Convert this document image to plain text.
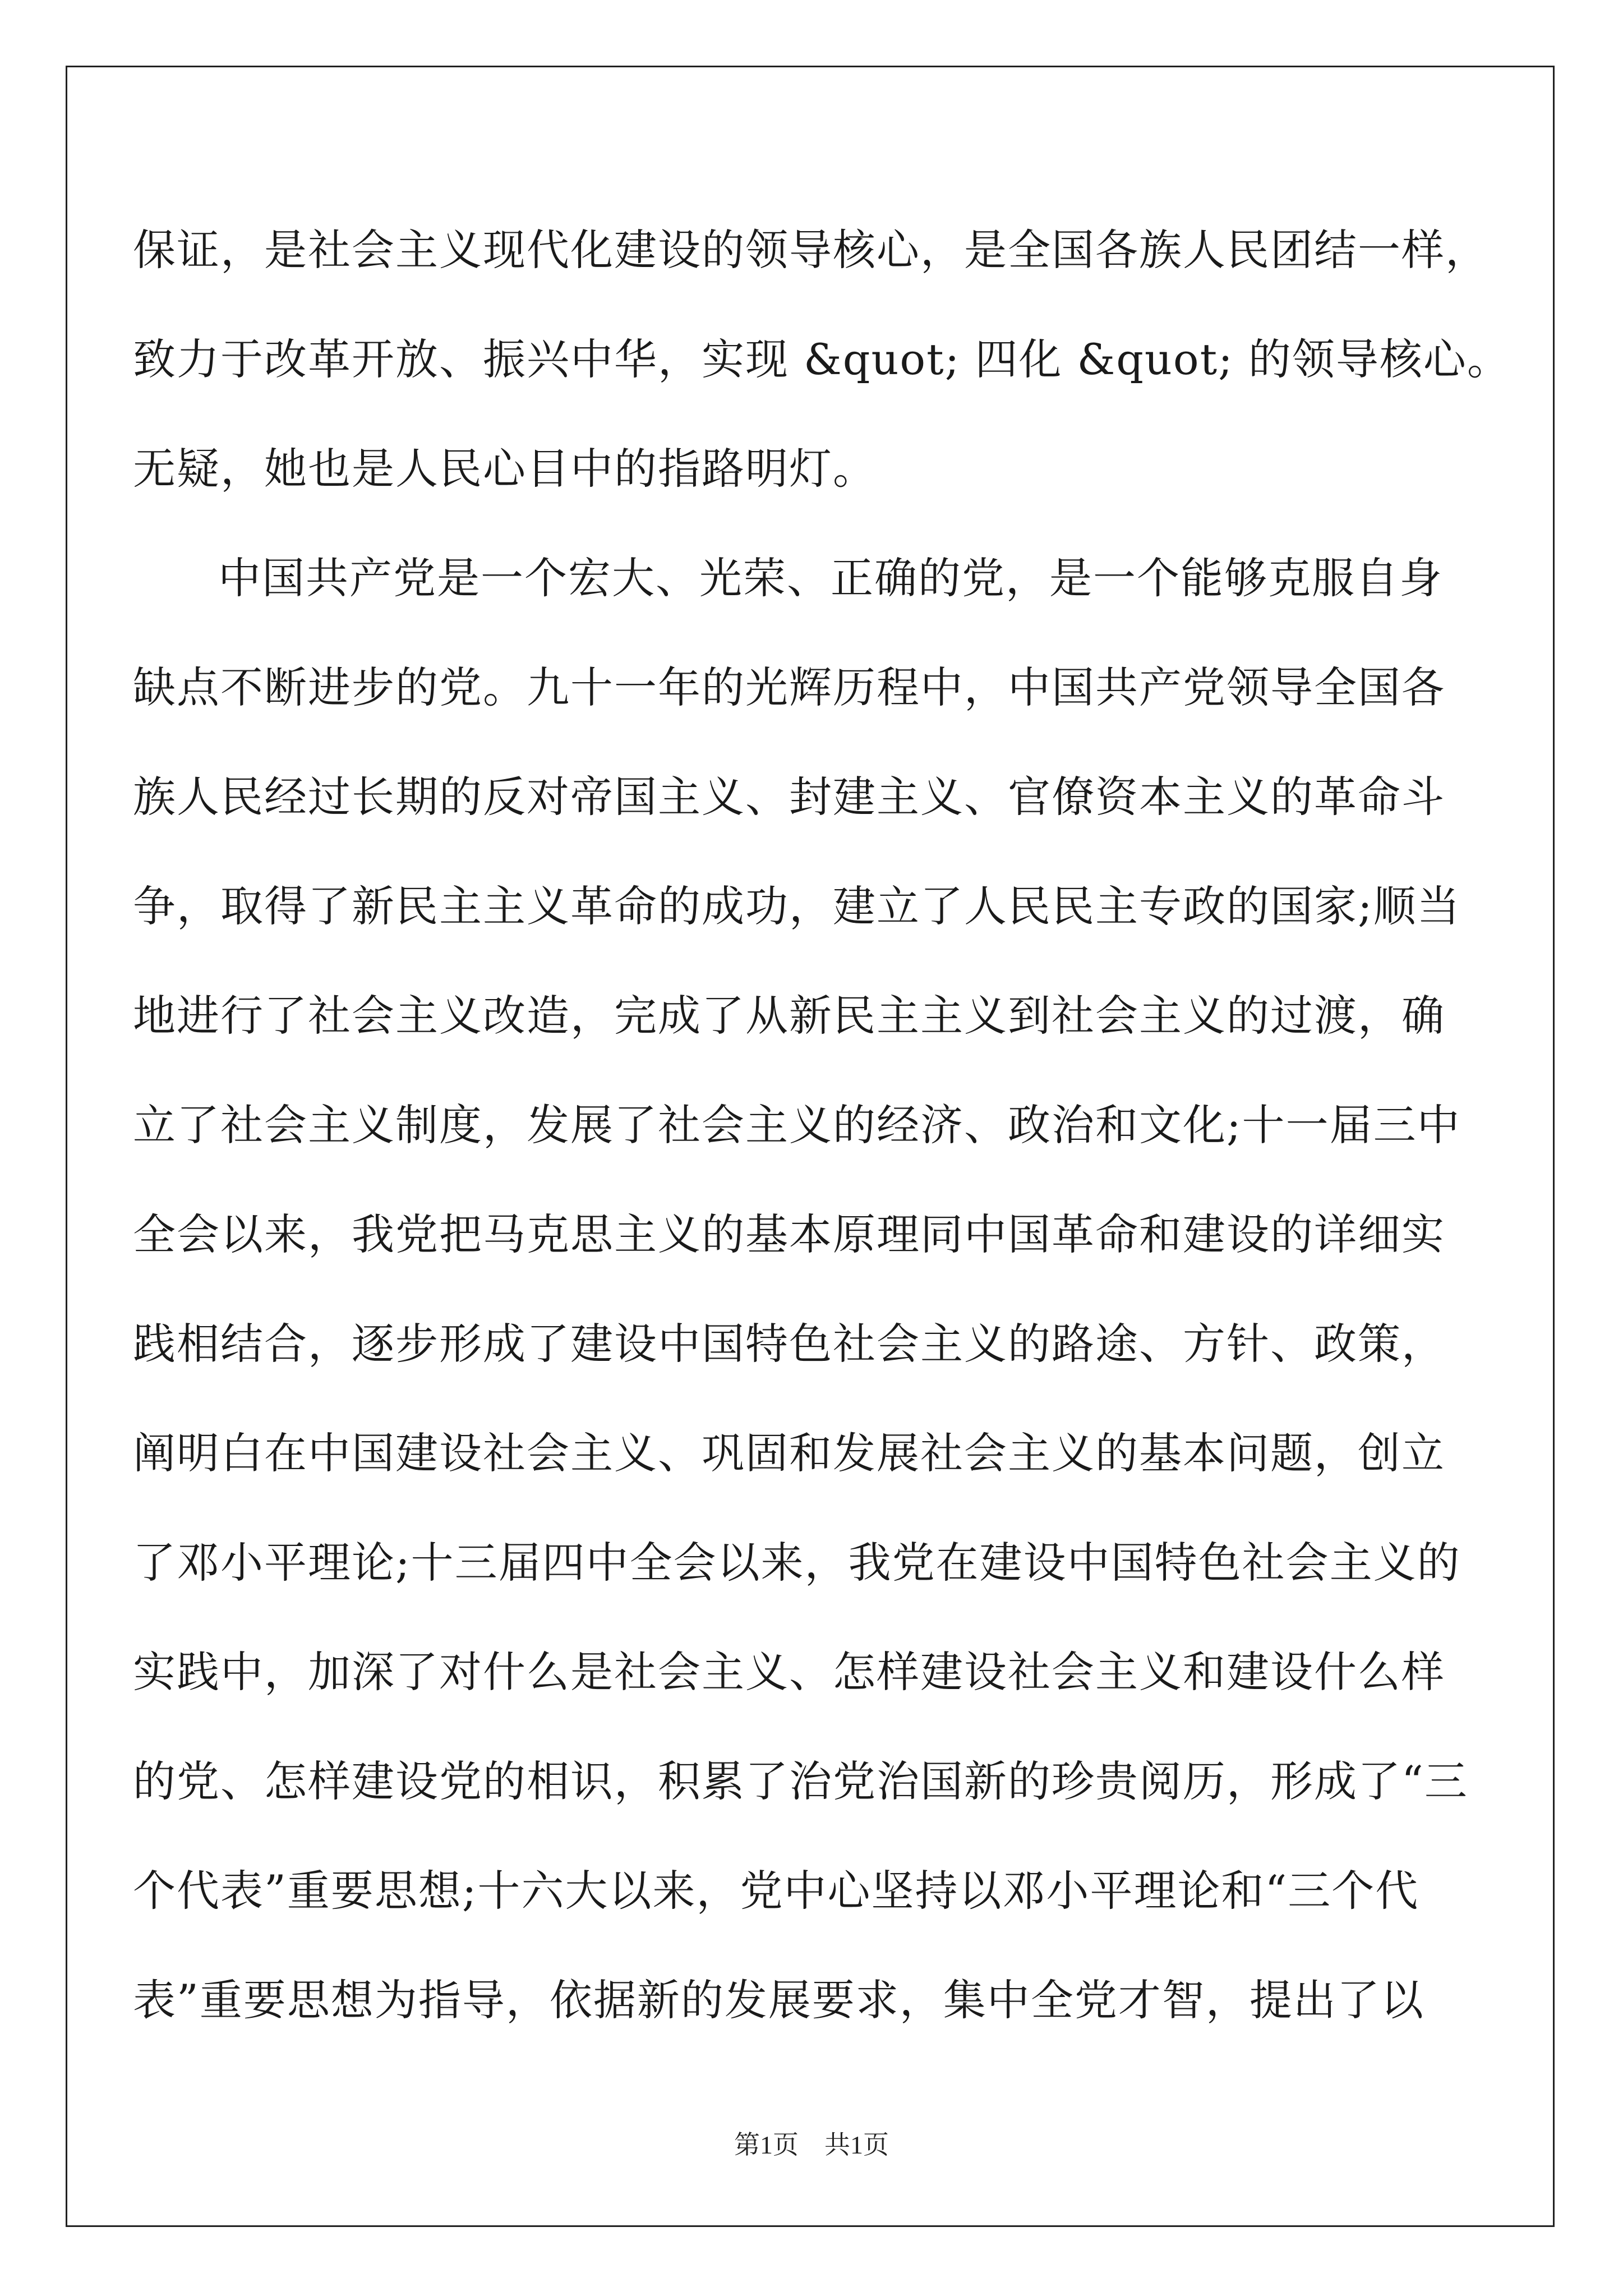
保证，是社会主义现代化建设的领导核心，是全国各族人民团结一样，
致力于改革开放、振兴中华，实现 &quot; 四化 &quot; 的领导核心。
无疑，她也是人民心目中的指路明灯。
中国共产党是一个宏大、光荣、正确的党，是一个能够克服自身
缺点不断进步的党。九十一年的光辉历程中，中国共产党领导全国各
族人民经过长期的反对帝国主义、封建主义、官僚资本主义的革命斗
争，取得了新民主主义革命的成功，建立了人民民主专政的国家;顺当
地进行了社会主义改造，完成了从新民主主义到社会主义的过渡，确
立了社会主义制度，发展了社会主义的经济、政治和文化;十一届三中
全会以来，我党把马克思主义的基本原理同中国革命和建设的详细实
践相结合，逐步形成了建设中国特色社会主义的路途、方针、政策，
阐明白在中国建设社会主义、巩固和发展社会主义的基本问题，创立
了邓小平理论;十三届四中全会以来，我党在建设中国特色社会主义的
实践中，加深了对什么是社会主义、怎样建设社会主义和建设什么样
的党、怎样建设党的相识，积累了治党治国新的珍贵阅历，形成了“三
个代表”重要思想;十六大以来，党中心坚持以邓小平理论和“三个代
表”重要思想为指导，依据新的发展要求，集中全党才智，提出了以
第1页　共1页
